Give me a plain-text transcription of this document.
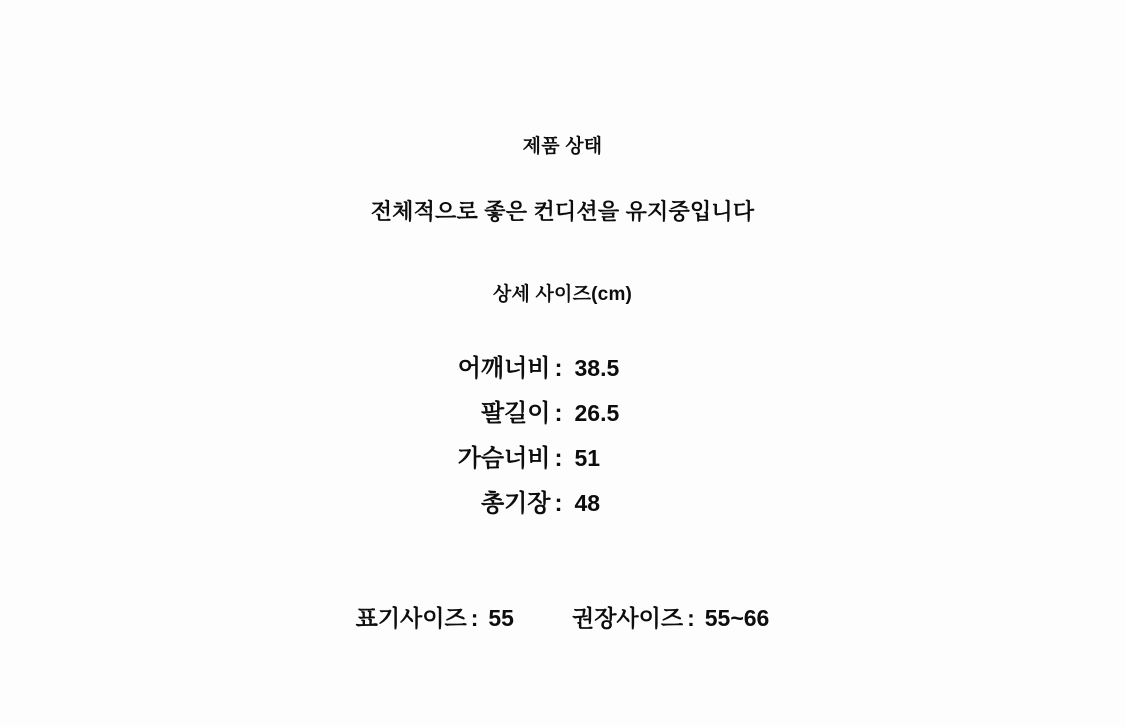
제품 상태
전체적으로 좋은 컨디션을 유지중입니다
상세 사이즈(cm)
어깨너비 : 38.5
팔길이 : 26.5
가슴너비 : 51
총기장 : 48
표기사이즈 : 55	권장사이즈 : 55~66
